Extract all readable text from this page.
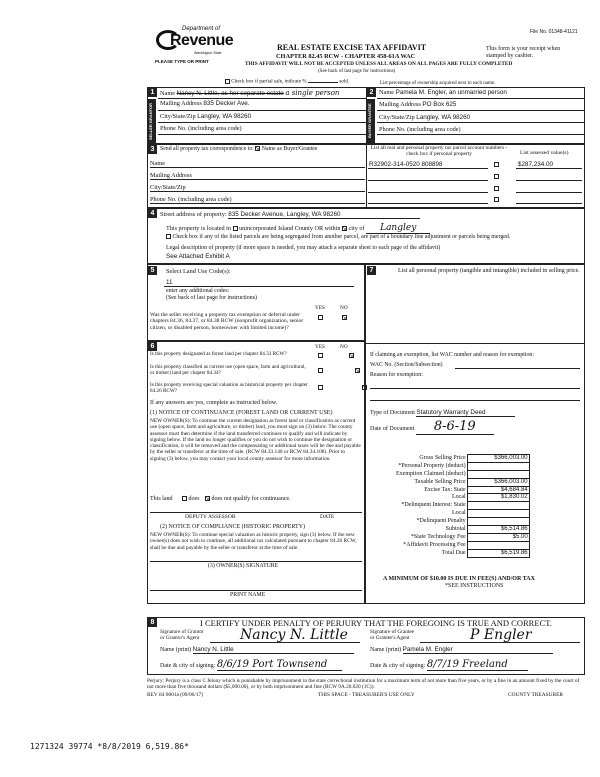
Department of
Revenue
Washington State
PLEASE TYPE OR PRINT
File No. 01348-41121
REAL ESTATE EXCISE TAX AFFIDAVIT
CHAPTER 82.45 RCW - CHAPTER 458-61A WAC
THIS AFFIDAVIT WILL NOT BE ACCEPTED UNLESS ALL AREAS ON ALL PAGES ARE FULLY COMPLETED
(See back of last page for instructions)
This form is your receipt when stamped by cashier.
Check box if partial sale, indicate %	sold.	List percentage of ownership acquired next to each name.
1
SELLER GRANTOR
Name Nancy N. Little, as her separate estate a single person
Mailing Address 835 Decker Ave.
City/State/Zip Langley, WA 98260
Phone No. (including area code)
2
BUYER GRANTEE
Name Pamela M. Engler, an unmarried person
Mailing Address PO Box 625
City/State/Zip Langley, WA 98260
Phone No. (including area code)
3 Send all property tax correspondence to: Name as Buyer/Grantee
Name
Mailing Address
City/State/Zip
Phone No. (including area code)
List all real and personal property tax parcel account numbers - check box if personal property	List assessed value(s)
R32902-314-0520 808898	$287,234.00
4 Street address of property: 835 Decker Avenue, Langley, WA 98260
This property is located in unincorporated Island County OR within city of Langley
Check box if any of the listed parcels are being segregated from another parcel, are part of a boundary line adjustment or parcels being merged.
Legal description of property (if more space is needed, you may attach a separate sheet to each page of the affidavit)
See Attached Exhibit A
5	Select Land Use Code(s):
11
enter any additional codes:
(See back of last page for instructions)
YES	NO
Was the seller receiving a property tax exemption or deferral under chapters 84.36, 84.37, or 84.38 RCW (nonprofit organization, senior citizen, or disabled person, homeowner with limited income)?

6	YES	NO
Is this property designated as forest land per chapter 84.33 RCW?

Is this property classified as current use (open space, farm and agricultural, or timber) land per chapter 84.34?

Is this property receiving special valuation as historical property per chapter 84.26 RCW?
If any answers are yes, complete as instructed below.
(1) NOTICE OF CONTINUANCE (FOREST LAND OR CURRENT USE)
NEW OWNER(S): To continue the current designation as forest land or classification as current use (open space, farm and agriculture, or timber) land, you must sign on (3) below. The county assessor must then determine if the land transferred continues to qualify and will indicate by signing below. If the land no longer qualifies or you do not wish to continue the designation or classification, it will be removed and the compensating or additional taxes will be due and payable by the seller or transferor at the time of sale. (RCW 84.33.140 or RCW 84.34.108). Prior to signing (3) below, you may contact your local county assessor for more information.
This land	does does not qualify for continuance.
DEPUTY ASSESSOR	DATE
(2) NOTICE OF COMPLIANCE (HISTORIC PROPERTY)
NEW OWNER(S): To continue special valuation as historic property, sign (3) below. If the new owner(s) does not wish to continue, all additional tax calculated pursuant to chapter 84.26 RCW, shall be due and payable by the seller or transferor at the time of sale.
(3) OWNER(S) SIGNATURE
PRINT NAME
7	List all personal property (tangible and intangible) included in selling price.
If claiming an exemption, list WAC number and reason for exemption:
WAC No. (Section/Subsection)
Reason for exemption:
Type of Document Statutory Warranty Deed
Date of Document 8-6-19
Gross Selling Price	$366,003.00
*Personal Property (deduct)	
Exemption Claimed (deduct)	
Taxable Selling Price	$366,003.00
Excise Tax: State	$4,684.84
Local	$1,830.02
*Delinquent Interest: State	
Local	
*Delinquent Penalty	
Subtotal	$6,514.86
*State Technology Fee	$5.00
*Affidavit Processing Fee	
Total Due	$6,519.86
A MINIMUM OF $10.00 IS DUE IN FEE(S) AND/OR TAX
*SEE INSTRUCTIONS
8	I CERTIFY UNDER PENALTY OF PERJURY THAT THE FOREGOING IS TRUE AND CORRECT.
Signature of Grantor or Grantor's Agent	Nancy N. Little	Signature of Grantee or Grantee's Agent	P Engler
Name (print) Nancy N. Little	Name (print) Pamela M. Engler
Date & city of signing: 8/6/19 Port Townsend	Date & city of signing: 8/7/19 Freeland
Perjury: Perjury is a class C felony which is punishable by imprisonment in the state correctional institution for a maximum term of not more than five years, or by a fine in an amount fixed by the court of not more than five thousand dollars ($5,000.00), or by both imprisonment and fine (RCW 9A.20.020 (1C)).
REV 84 0001a (09/06/17)	THIS SPACE - TREASURER'S USE ONLY	COUNTY TREASURER
1271324 39774 *8/8/2019 6,519.86*
